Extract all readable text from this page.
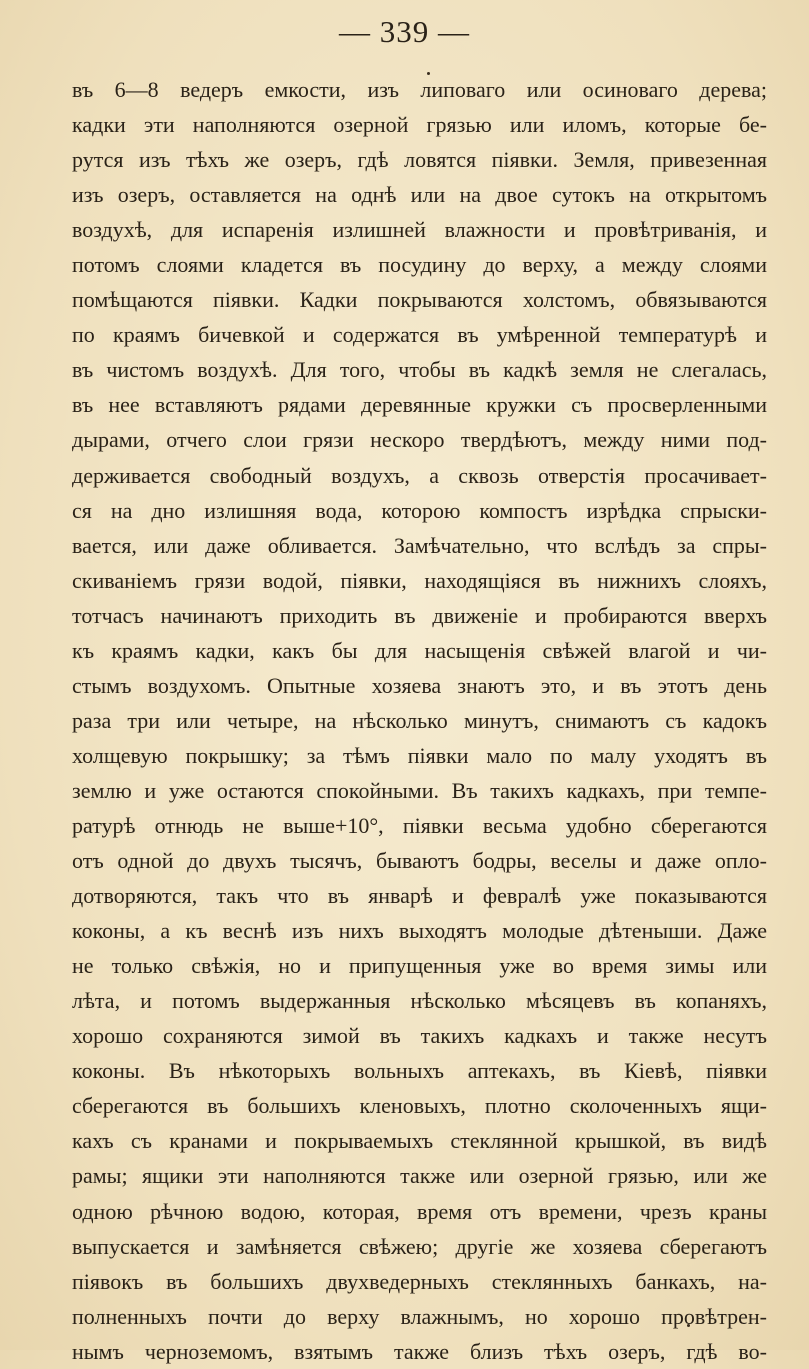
— 339 —
въ 6—8 ведеръ емкости, изъ липоваго или осиноваго дерева;
кадки эти наполняются озерной грязью или иломъ, которые бе-
рутся изъ тѣхъ же озеръ, гдѣ ловятся піявки. Земля, привезенная
изъ озеръ, оставляется на однѣ или на двое сутокъ на открытомъ
воздухѣ, для испаренія излишней влажности и провѣтриванія, и
потомъ слоями кладется въ посудину до верху, а между слоями
помѣщаются піявки. Кадки покрываются холстомъ, обвязываются
по краямъ бичевкой и содержатся въ умѣренной температурѣ и
въ чистомъ воздухѣ. Для того, чтобы въ кадкѣ земля не слегалась,
въ нее вставляютъ рядами деревянные кружки съ просверленными
дырами, отчего слои грязи нескоро твердѣютъ, между ними под-
держивается свободный воздухъ, а сквозь отверстія просачивает-
ся на дно излишняя вода, которою компостъ изрѣдка спрыски-
вается, или даже обливается. Замѣчательно, что вслѣдъ за спры-
скиваніемъ грязи водой, піявки, находящіяся въ нижнихъ слояхъ,
тотчасъ начинаютъ приходить въ движеніе и пробираются вверхъ
къ краямъ кадки, какъ бы для насыщенія свѣжей влагой и чи-
стымъ воздухомъ. Опытные хозяева знаютъ это, и въ этотъ день
раза три или четыре, на нѣсколько минутъ, снимаютъ съ кадокъ
холщевую покрышку; за тѣмъ піявки мало по малу уходятъ въ
землю и уже остаются спокойными. Въ такихъ кадкахъ, при темпе-
ратурѣ отнюдь не выше+10°, піявки весьма удобно сберегаются
отъ одной до двухъ тысячъ, бываютъ бодры, веселы и даже опло-
дотворяются, такъ что въ январѣ и февралѣ уже показываются
коконы, а къ веснѣ изъ нихъ выходятъ молодые дѣтеныши. Даже
не только свѣжія, но и припущенныя уже во время зимы или
лѣта, и потомъ выдержанныя нѣсколько мѣсяцевъ въ копаняхъ,
хорошо сохраняются зимой въ такихъ кадкахъ и также несутъ
коконы. Въ нѣкоторыхъ вольныхъ аптекахъ, въ Кіевѣ, піявки
сберегаются въ большихъ кленовыхъ, плотно сколоченныхъ ящи-
кахъ съ кранами и покрываемыхъ стеклянной крышкой, въ видѣ
рамы; ящики эти наполняются также или озерной грязью, или же
одною рѣчною водою, которая, время отъ времени, чрезъ краны
выпускается и замѣняется свѣжею; другіе же хозяева сберегаютъ
піявокъ въ большихъ двухведерныхъ стеклянныхъ банкахъ, на-
полненныхъ почти до верху влажнымъ, но хорошо провѣтрен-
нымъ черноземомъ, взятымъ также близъ тѣхъ озеръ, гдѣ во-
